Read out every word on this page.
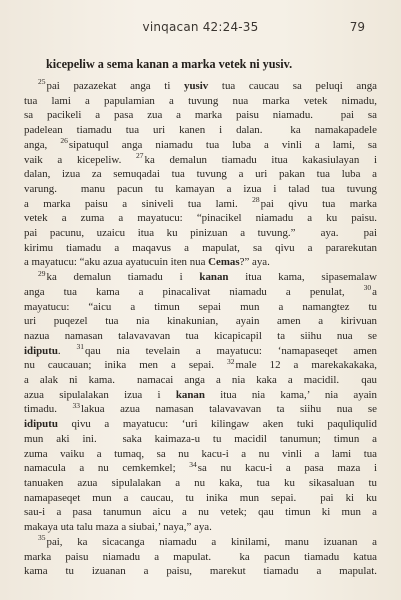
vinqacan 42:24-35	79
kicepeliw a sema kanan a marka vetek ni yusiv.
$^{25}$pai pazazekat anga ti yusiv tua caucau sa peluqi anga
tua lami a papulamian a tuvung nua marka vetek nimadu,
sa pacikeli a pasa zua a marka paisu niamadu.  pai sa
padelean tiamadu tua uri kanen i dalan.  ka namakapadele
anga, $^{26}$sipatuqul anga niamadu tua luba a vinli a lami, sa
vaik a kicepeliw. $^{27}$ka demalun tiamadu itua kakasiulayan i
dalan, izua za semuqadai tua tuvung a uri pakan tua luba a
varung.  manu pacun tu kamayan a izua i talad tua tuvung
a marka paisu a siniveli tua lami. $^{28}$pai qivu tua marka
vetek a zuma a mayatucu: “pinacikel niamadu a ku paisu.
pai pacunu, uzaicu itua ku pinizuan a tuvung.”  aya.  pai
kirimu tiamadu a maqavus a mapulat, sa qivu a pararekutan
a mayatucu: “aku azua ayatucuin iten nua Cemas?” aya.
$^{29}$ka demalun tiamadu i kanan itua kama, sipasemalaw
anga tua kama a pinacalivat niamadu a penulat, $^{30}$a
mayatucu: “aicu a timun sepai mun a namangtez tu
uri puqezel tua nia kinakunian, ayain amen a kirivuan
nazua namasan talavavavan tua kicapicapil ta siihu nua se
idiputu. $^{31}$qau nia tevelain a mayatucu: ‘namapaseqet amen
nu caucauan; inika men a sepai. $^{32}$male 12 a marekakakaka,
a alak ni kama.  namacai anga a nia kaka a macidil.  qau
azua sipulalakan izua i kanan itua nia kama,’ nia ayain
timadu. $^{33}$lakua azua namasan talavavavan ta siihu nua se
idiputu qivu a mayatucu: ‘uri kilingaw aken tuki paquliqulid
mun aki ini.  saka kaimaza-u tu macidil tanumun; timun a
zuma vaiku a tumaq, sa nu kacu-i a nu vinli a lami tua
namacula a nu cemkemkel; $^{34}$sa nu kacu-i a pasa maza i
tanuaken azua sipulalakan a nu kaka, tua ku sikasaluan tu
namapaseqet mun a caucau, tu inika mun sepai.  pai ki ku
sau-i a pasa tanumun aicu a nu vetek; qau timun ki mun a
makaya uta talu maza a siubai,’ naya,” aya.
$^{35}$pai, ka sicacanga niamadu a kinilami, manu izuanan a
marka paisu niamadu a mapulat.  ka pacun tiamadu katua
kama tu izuanan a paisu, marekut tiamadu a mapulat.
